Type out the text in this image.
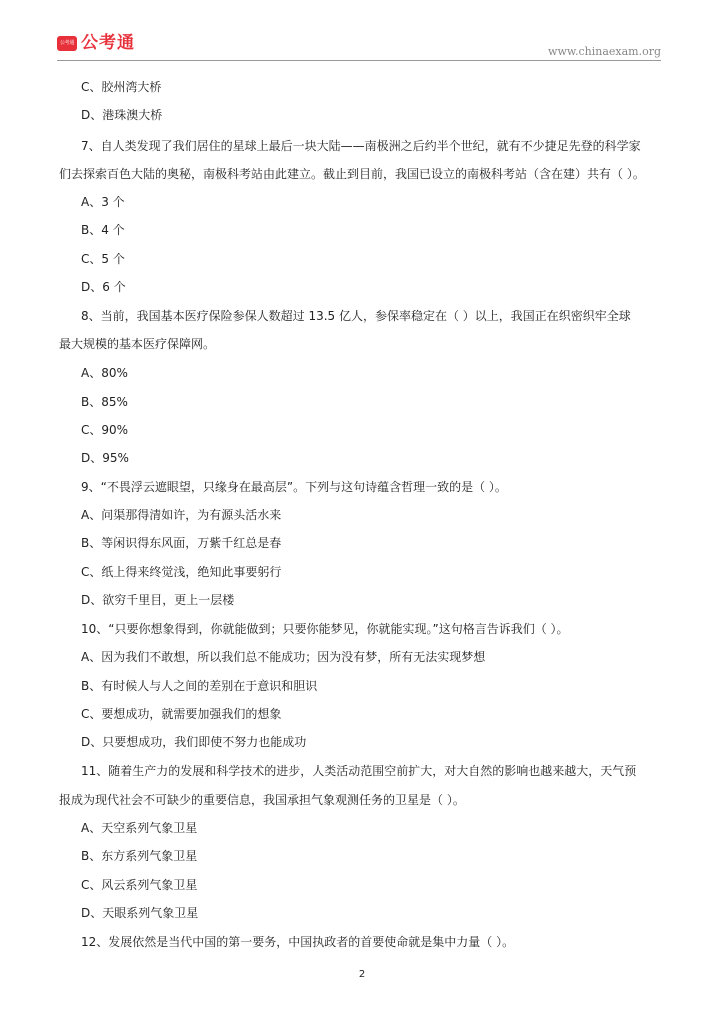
公考通 公考通	www.chinaexam.org
C、胶州湾大桥
D、港珠澳大桥
7、自人类发现了我们居住的星球上最后一块大陆——南极洲之后约半个世纪，就有不少捷足先登的科学家
们去探索百色大陆的奥秘，南极科考站由此建立。截止到目前，我国已设立的南极科考站（含在建）共有（ ）。
A、3 个
B、4 个
C、5 个
D、6 个
8、当前，我国基本医疗保险参保人数超过 13.5 亿人，参保率稳定在（ ）以上，我国正在织密织牢全球
最大规模的基本医疗保障网。
A、80%
B、85%
C、90%
D、95%
9、“不畏浮云遮眼望，只缘身在最高层”。下列与这句诗蕴含哲理一致的是（ ）。
A、问渠那得清如许，为有源头活水来
B、等闲识得东风面，万紫千红总是春
C、纸上得来终觉浅，绝知此事要躬行
D、欲穷千里目，更上一层楼
10、“只要你想象得到，你就能做到；只要你能梦见，你就能实现。”这句格言告诉我们（ ）。
A、因为我们不敢想，所以我们总不能成功；因为没有梦，所有无法实现梦想
B、有时候人与人之间的差别在于意识和胆识
C、要想成功，就需要加强我们的想象
D、只要想成功，我们即使不努力也能成功
11、随着生产力的发展和科学技术的进步，人类活动范围空前扩大，对大自然的影响也越来越大，天气预
报成为现代社会不可缺少的重要信息，我国承担气象观测任务的卫星是（ ）。
A、天空系列气象卫星
B、东方系列气象卫星
C、风云系列气象卫星
D、天眼系列气象卫星
12、发展依然是当代中国的第一要务，中国执政者的首要使命就是集中力量（ ）。
2
